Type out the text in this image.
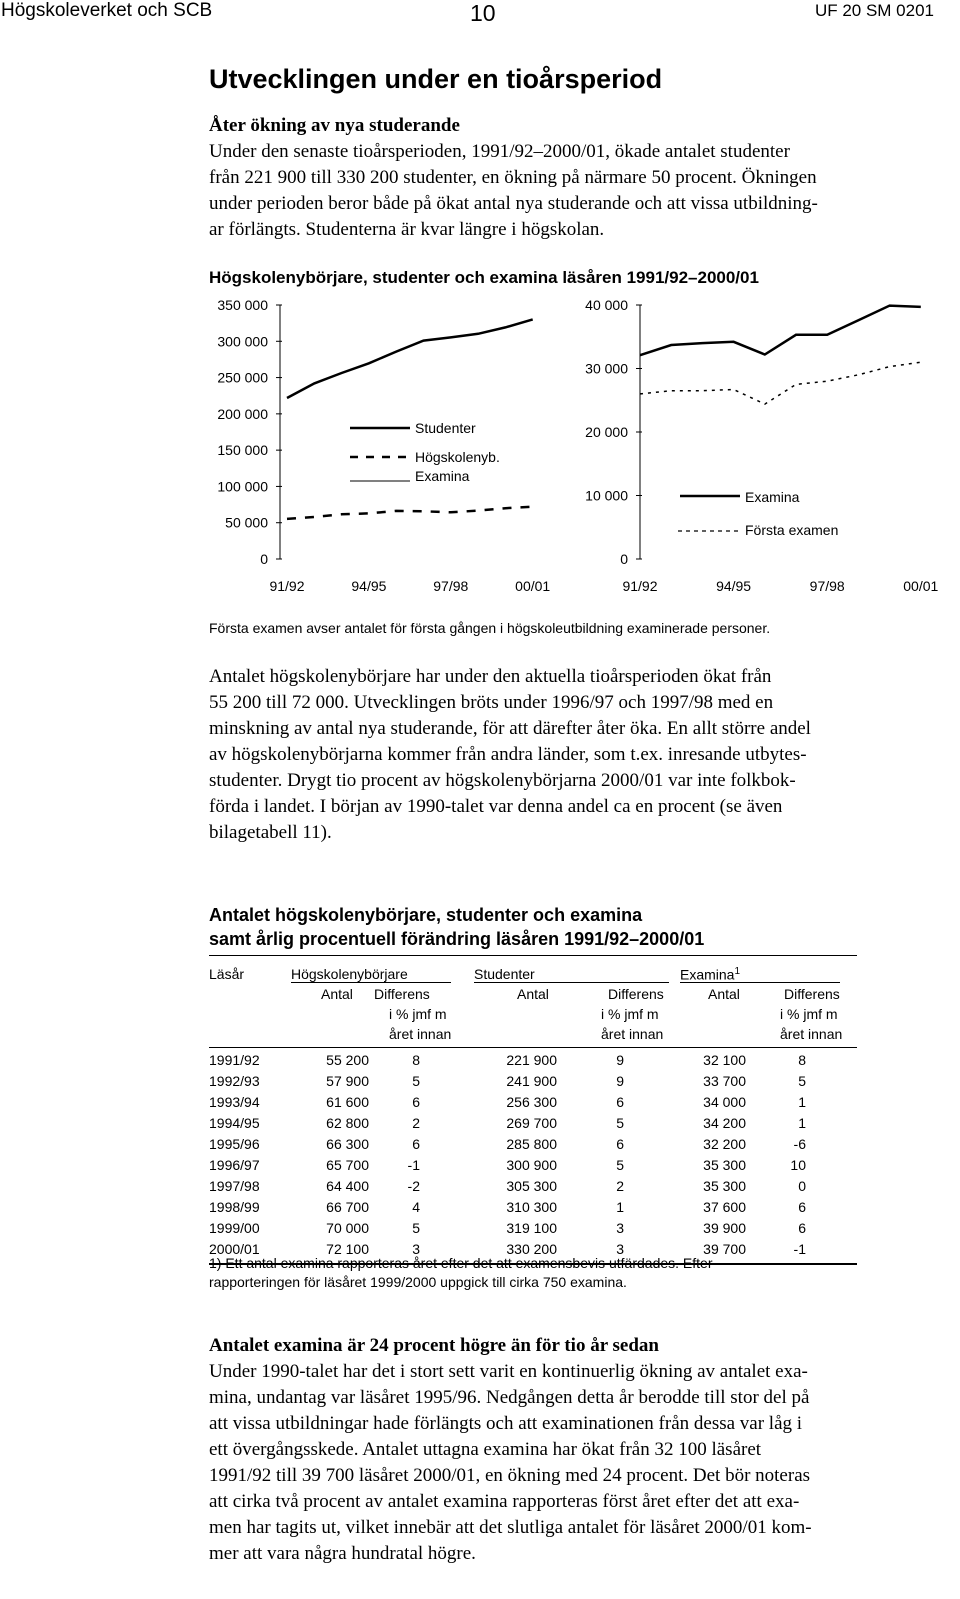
Högskoleverket och SCB	10	UF 20 SM 0201
Utvecklingen under en tioårsperiod

Åter ökning av nya studerande

Under den senaste tioårsperioden, 1991/92–2000/01, ökade antalet studenter

från 221 900 till 330 200 studenter, en ökning på närmare 50 procent. Ökningen

under perioden beror både på ökat antal nya studerande och att vissa utbildning-

ar förlängts. Studenterna är kvar längre i högskolan.

Högskolenybörjare, studenter och examina läsåren 1991/92–2000/01
0
50 000
100 000
150 000
200 000
250 000
300 000
350 000
Studenter
Högskolenyb.
Examina
91/92	94/95	97/98	00/01
0
10 000
20 000
30 000
40 000
Examina
Första examen
91/92	94/95	97/98	00/01
Första examen avser antalet för första gången i högskoleutbildning examinerade personer.

Antalet högskolenybörjare har under den aktuella tioårsperioden ökat från

55 200 till 72 000. Utvecklingen bröts under 1996/97 och 1997/98 med en

minskning av antal nya studerande, för att därefter åter öka. En allt större andel

av högskolenybörjarna kommer från andra länder, som t.ex. inresande utbytes-

studenter. Drygt tio procent av högskolenybörjarna 2000/01 var inte folkbok-

förda i landet. I början av 1990-talet var denna andel ca en procent (se även

bilagetabell 11).

Antalet högskolenybörjare, studenter och examina
samt årlig procentuell förändring läsåren 1991/92–2000/01
Läsår	Högskolenybörjare	Studenter	Examina$^1$
Antal Differens	Antal	Differens	Antal	Differens
i % jmf m	i % jmf m	i % jmf m
året innan	året innan	året innan
1991/92	55 200	8	221 900	9	32 100	8
1992/93	57 900	5	241 900	9	33 700	5
1993/94	61 600	6	256 300	6	34 000	1
1994/95	62 800	2	269 700	5	34 200	1
1995/96	66 300	6	285 800	6	32 200	-6
1996/97	65 700	-1	300 900	5	35 300	10
1997/98	64 400	-2	305 300	2	35 300	0
1998/99	66 700	4	310 300	1	37 600	6
1999/00	70 000	5	319 100	3	39 900	6
2000/01	72 100	3	330 200	3	39 700	-1
1) Ett antal examina rapporteras året efter det att examensbevis utfärdades. Efter-
rapporteringen för läsåret 1999/2000 uppgick till cirka 750 examina.

Antalet examina är 24 procent högre än för tio år sedan

Under 1990-talet har det i stort sett varit en kontinuerlig ökning av antalet exa-

mina, undantag var läsåret 1995/96. Nedgången detta år berodde till stor del på

att vissa utbildningar hade förlängts och att examinationen från dessa var låg i

ett övergångsskede. Antalet uttagna examina har ökat från 32 100 läsåret

1991/92 till 39 700 läsåret 2000/01, en ökning med 24 procent. Det bör noteras

att cirka två procent av antalet examina rapporteras först året efter det att exa-

men har tagits ut, vilket innebär att det slutliga antalet för läsåret 2000/01 kom-

mer att vara några hundratal högre.
